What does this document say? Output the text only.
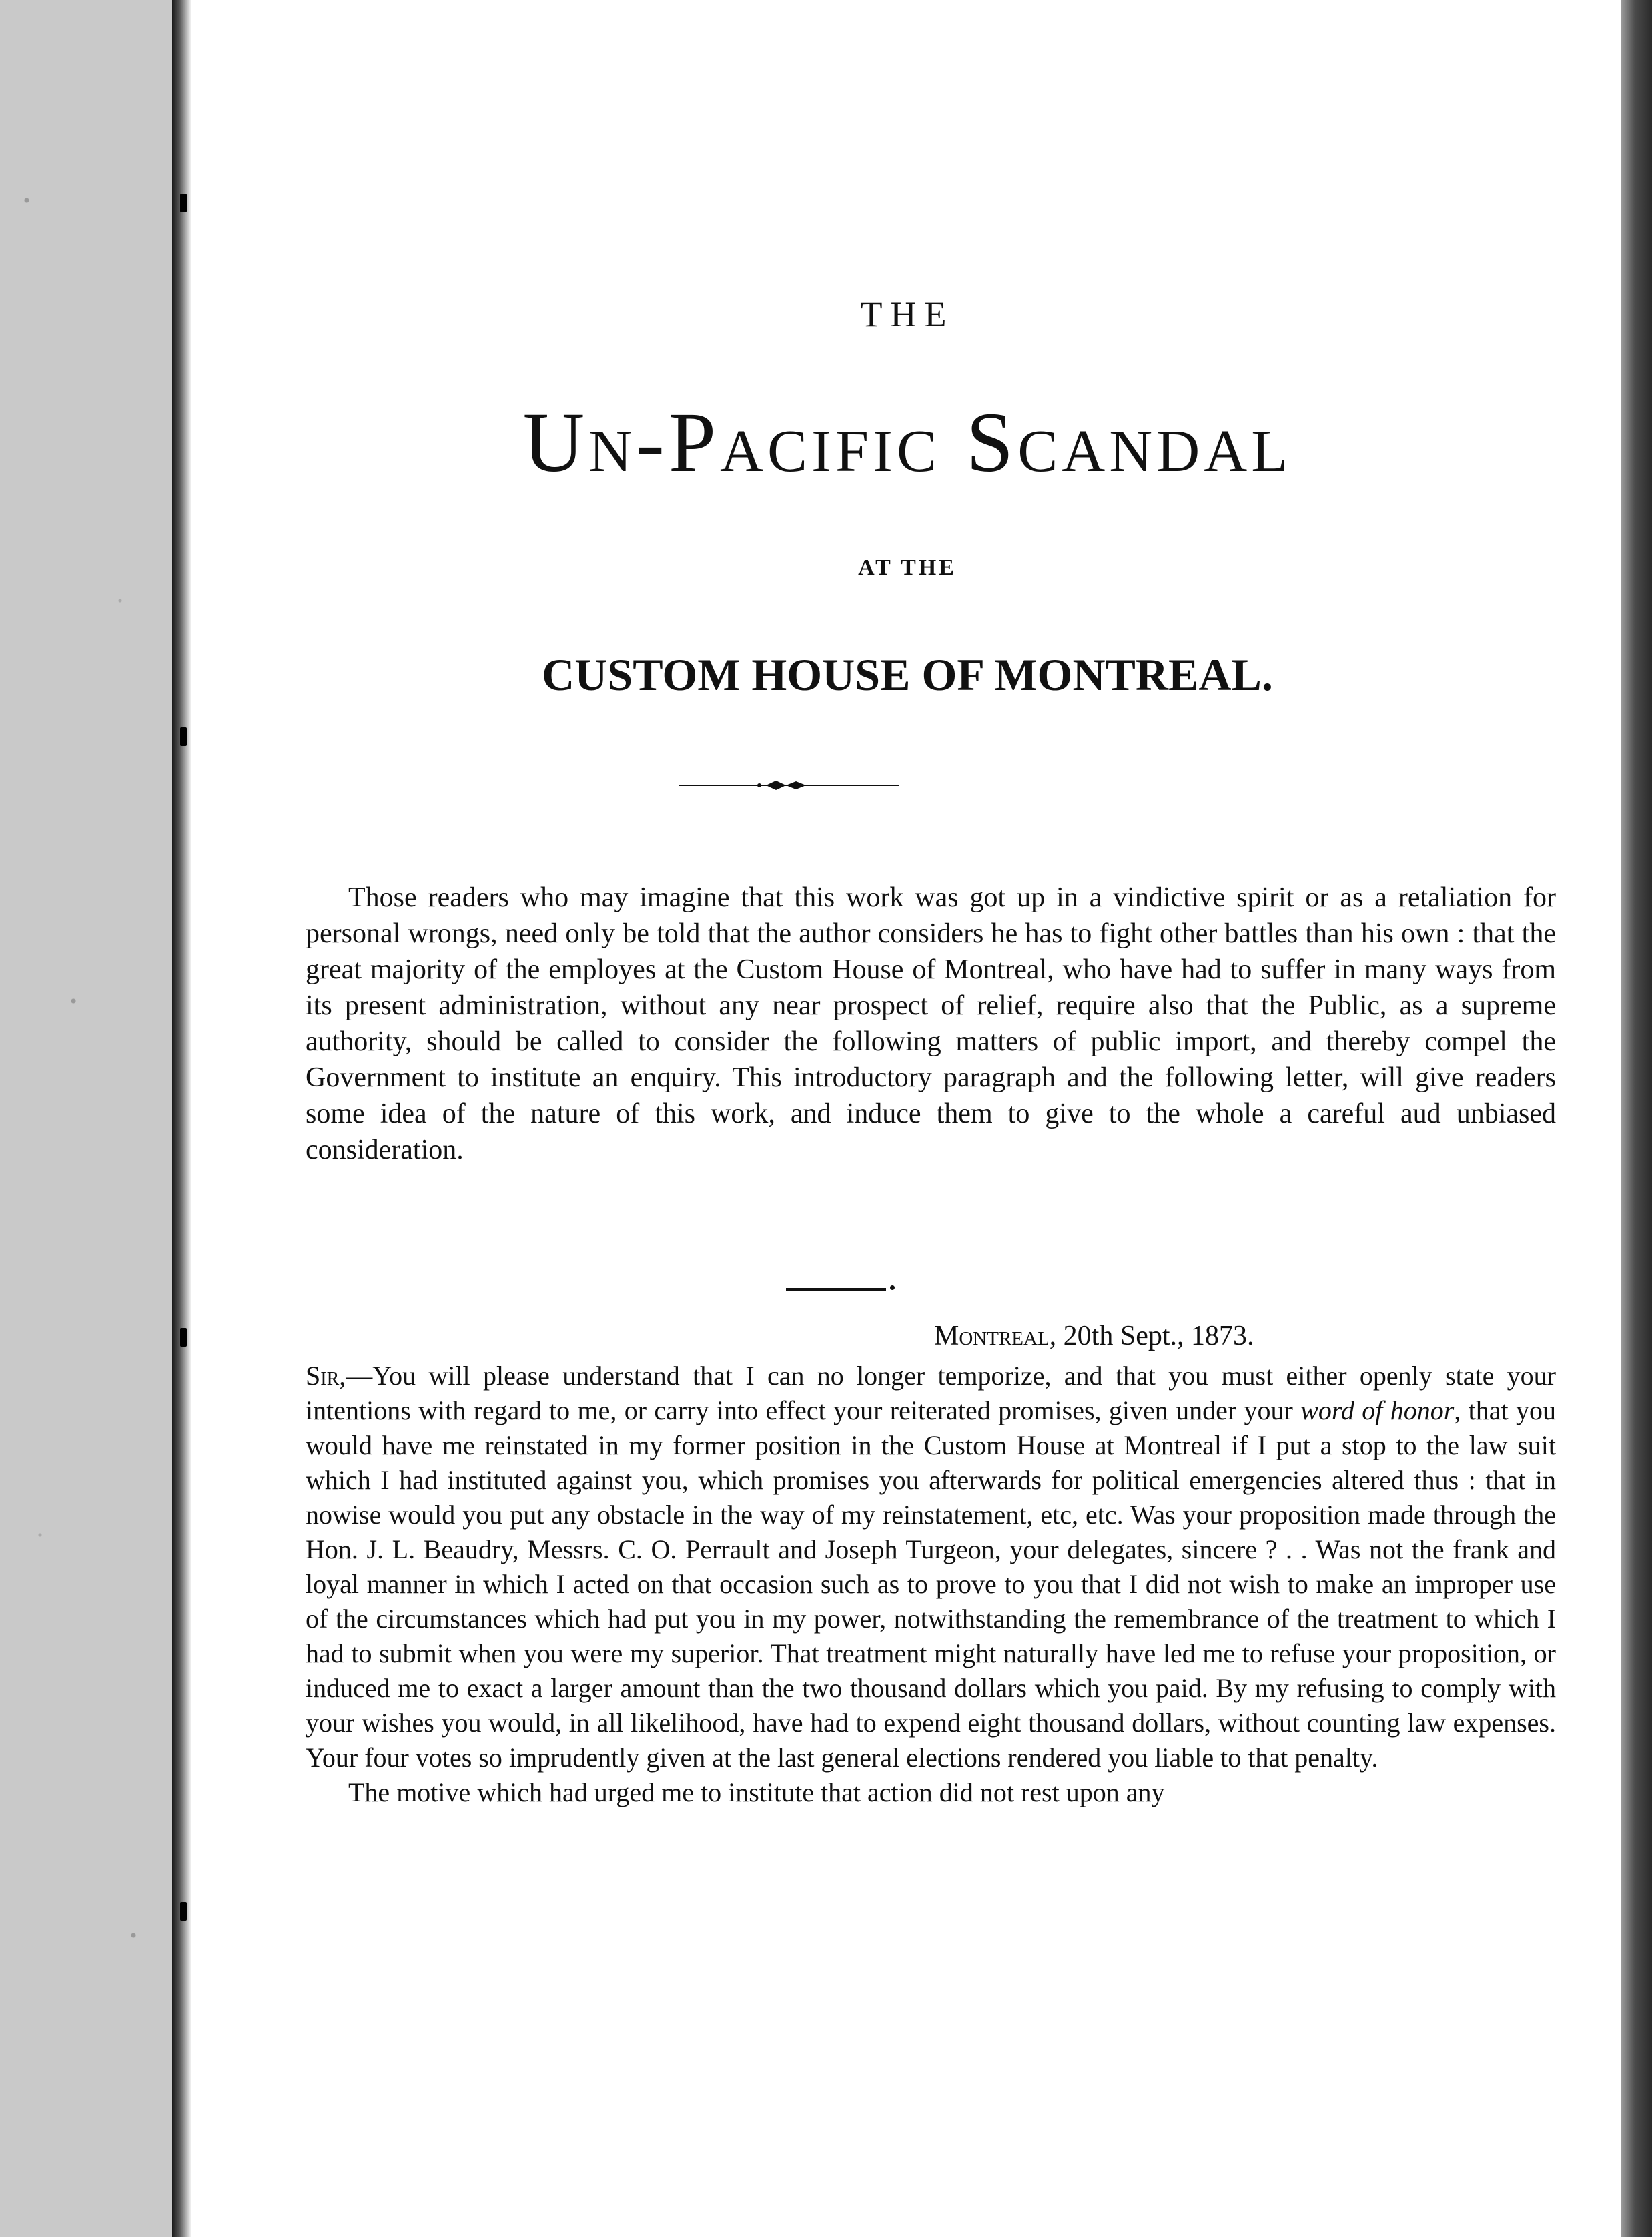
THE
Un-Pacific Scandal
AT THE
CUSTOM HOUSE OF MONTREAL.

Those readers who may imagine that this work was got up in a vindictive spirit or as a retaliation for personal wrongs, need only be told that the author considers he has to fight other battles than his own : that the great majority of the employes at the Custom House of Montreal, who have had to suffer in many ways from its present administration, without any near prospect of relief, require also that the Public, as a supreme authority, should be called to consider the following matters of public import, and thereby compel the Government to institute an enquiry. This introductory paragraph and the following letter, will give readers some idea of the nature of this work, and induce them to give to the whole a careful aud unbiased consideration.

Montreal, 20th Sept., 1873.

Sir,—You will please understand that I can no longer temporize, and that you must either openly state your intentions with regard to me, or carry into effect your reiterated promises, given under your word of honor, that you would have me reinstated in my former position in the Custom House at Montreal if I put a stop to the law suit which I had instituted against you, which promises you afterwards for political emergencies altered thus : that in nowise would you put any obstacle in the way of my reinstatement, etc, etc. Was your proposition made through the Hon. J. L. Beaudry, Messrs. C. O. Perrault and Joseph Turgeon, your delegates, sincere ? . . Was not the frank and loyal manner in which I acted on that occasion such as to prove to you that I did not wish to make an improper use of the circumstances which had put you in my power, notwithstanding the remembrance of the treatment to which I had to submit when you were my superior. That treatment might naturally have led me to refuse your proposition, or induced me to exact a larger amount than the two thousand dollars which you paid. By my refusing to comply with your wishes you would, in all likelihood, have had to expend eight thousand dollars, without counting law expenses. Your four votes so imprudently given at the last general elections rendered you liable to that penalty.

The motive which had urged me to institute that action did not rest upon any
